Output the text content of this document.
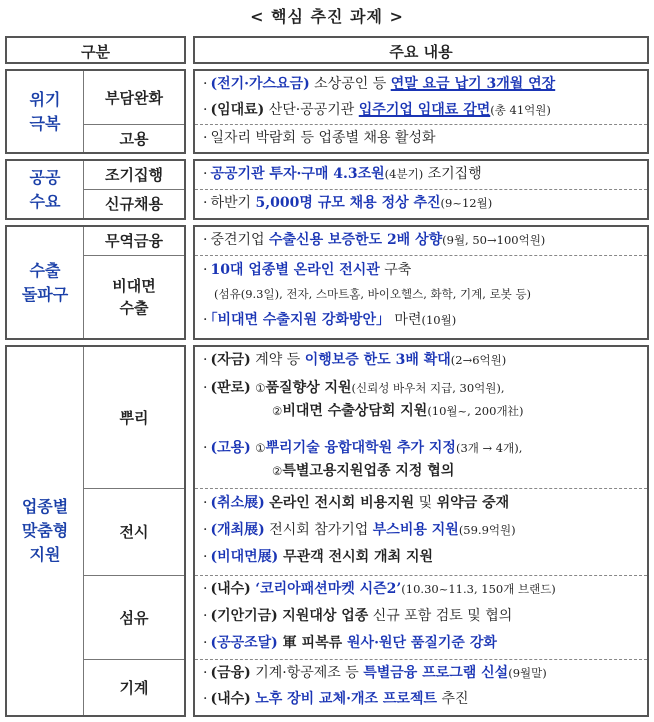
< 핵심 추진 과제 >
구분	주요 내용
위기
극복
공공
수요
수출
돌파구
업종별
맞춤형
지원
부담완화
고용
조기집행
신규채용
무역금융
비대면
수출
뿌리
전시
섬유
기계
· (전기·가스요금) 소상공인 등 연말 요금 납기 3개월 연장
· (임대료) 산단·공공기관 입주기업 임대료 감면(총 41억원)
· 일자리 박람회 등 업종별 채용 활성화
· 공공기관 투자·구매 4.3조원(4분기) 조기집행
· 하반기 5,000명 규모 채용 정상 추진(9~12월)
· 중견기업 수출신용 보증한도 2배 상향(9월, 50→100억원)
· 10대 업종별 온라인 전시관 구축
(섬유(9.3일), 전자, 스마트홈, 바이오헬스, 화학, 기계, 로봇 등)
· 「비대면 수출지원 강화방안」 마련(10월)
· (자금) 계약 등 이행보증 한도 3배 확대(2→6억원)
· (판로) ①품질향상 지원(신뢰성 바우처 지급, 30억원),
②비대면 수출상담회 지원(10월~, 200개社)
· (고용) ①뿌리기술 융합대학원 추가 지정(3개 → 4개),
②특별고용지원업종 지정 협의
· (취소展) 온라인 전시회 비용지원 및 위약금 중재
· (개최展) 전시회 참가기업 부스비용 지원(59.9억원)
· (비대면展) 무관객 전시회 개최 지원
· (내수) ‘코리아패션마켓 시즌2’(10.30~11.3, 150개 브랜드)
· (기안기금) 지원대상 업종 신규 포함 검토 및 협의
· (공공조달) 軍 피복류 원사·원단 품질기준 강화
· (금융) 기계·항공제조 등 특별금융 프로그램 신설(9월말)
· (내수) 노후 장비 교체·개조 프로젝트 추진
